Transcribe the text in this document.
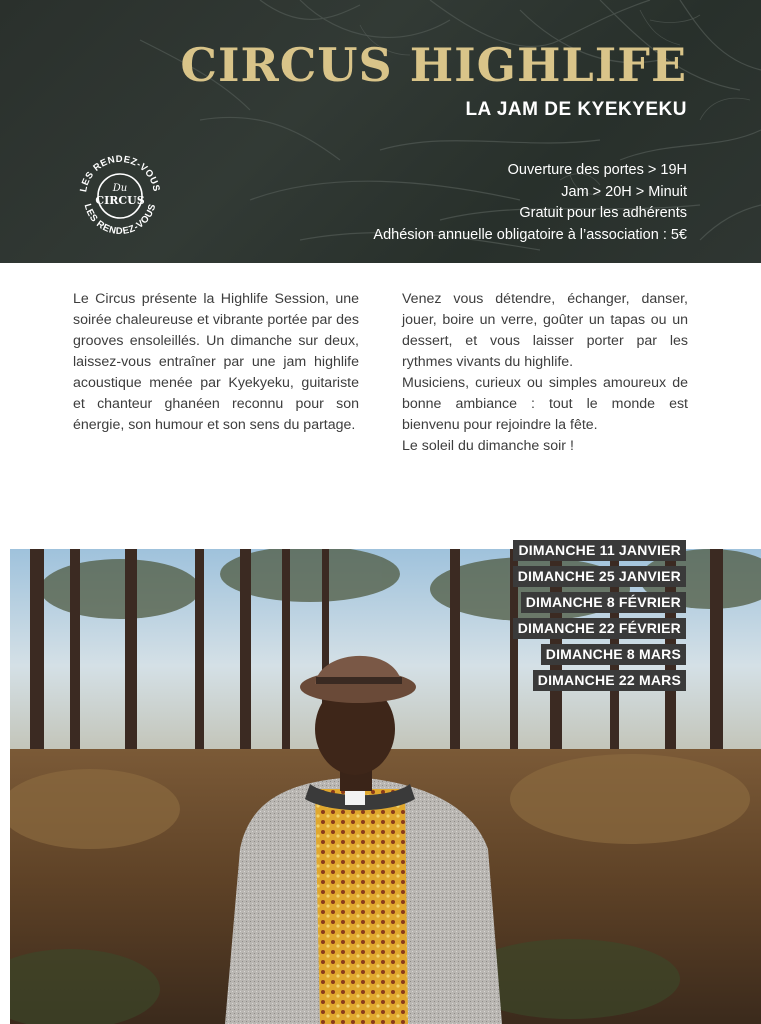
CIRCUS HIGHLIFE
LA JAM DE KYEKYEKU
Ouverture des portes > 19H
Jam > 20H > Minuit
Gratuit pour les adhérents
Adhésion annuelle obligatoire à l’association : 5€
LES RENDEZ-VOUS
LES RENDEZ-VOUS
Du
CIRCUS

Le Circus présente la Highlife Session, une soirée chaleureuse et vibrante portée par des grooves ensoleillés. Un dimanche sur deux, laissez-vous entraîner par une jam highlife acoustique menée par Kyekyeku, guitariste et chanteur ghanéen reconnu pour son énergie, son humour et son sens du partage.

Venez vous détendre, échanger, danser, jouer, boire un verre, goûter un tapas ou un dessert, et vous laisser porter par les rythmes vivants du highlife.

Musiciens, curieux ou simples amoureux de bonne ambiance : tout le monde est bienvenu pour rejoindre la fête.

Le soleil du dimanche soir !

DIMANCHE 11 JANVIER
DIMANCHE 25 JANVIER
DIMANCHE 8 FÉVRIER
DIMANCHE 22 FÉVRIER
DIMANCHE 8 MARS
DIMANCHE 22 MARS
